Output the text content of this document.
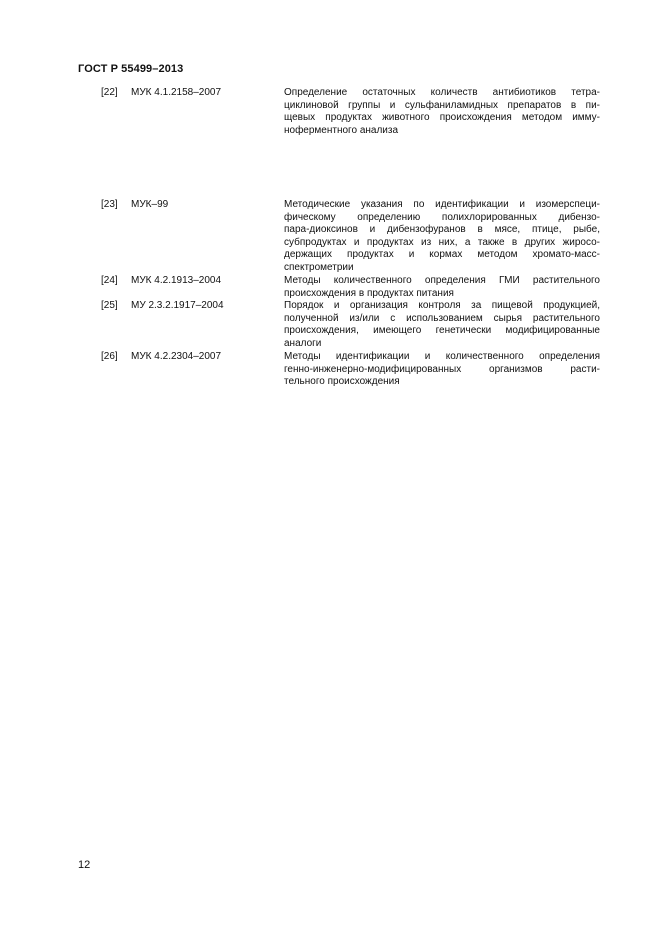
ГОСТ Р 55499–2013
[22] МУК 4.1.2158–2007	Определение остаточных количеств антибиотиков тетра-
циклиновой группы и сульфаниламидных препаратов в пи-
щевых продуктах животного происхождения методом имму-
ноферментного анализа
[23] МУК–99	Методические указания по идентификации и изомерспеци-
фическому определению полихлорированных дибензо-
пара-диоксинов и дибензофуранов в мясе, птице, рыбе,
субпродуктах и продуктах из них, а также в других жиросо-
держащих продуктах и кормах методом хромато-масс-
спектрометрии
[24] МУК 4.2.1913–2004	Методы количественного определения ГМИ растительного
происхождения в продуктах питания
[25] МУ 2.3.2.1917–2004	Порядок и организация контроля за пищевой продукцией,
полученной из/или с использованием сырья растительного
происхождения, имеющего генетически модифицированные
аналоги
[26] МУК 4.2.2304–2007	Методы идентификации и количественного определения
генно-инженерно-модифицированных организмов расти-
тельного происхождения
12
